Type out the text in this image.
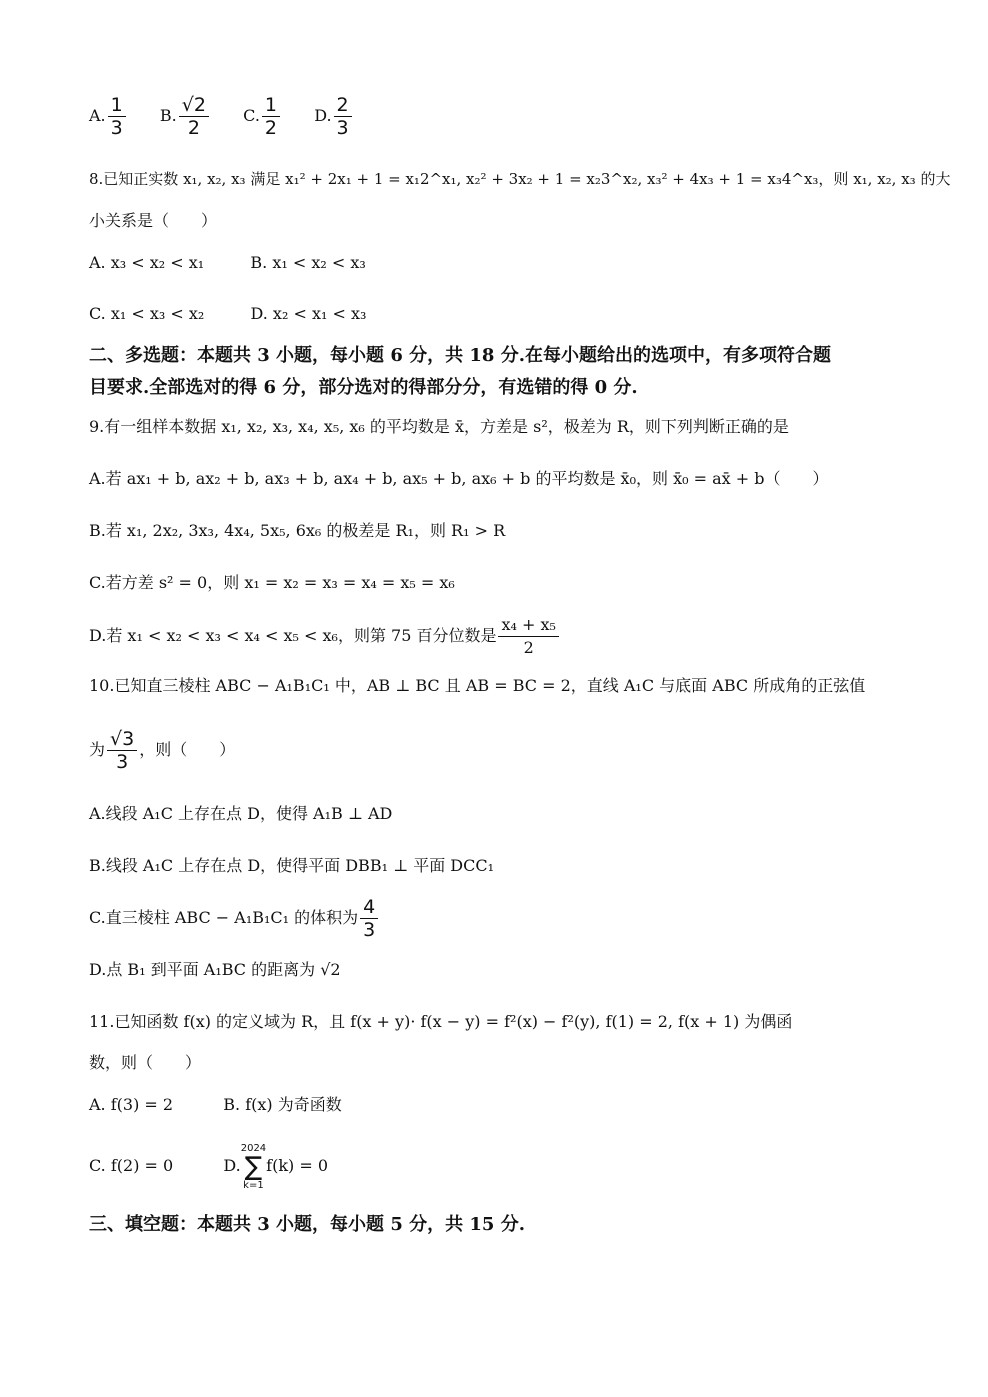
A. $\frac{1}{3} B$. $\frac{√2}{2} C$. $\frac{1}{2} D$. $\frac{2}{3}$
8.已知正实数 x₁, x₂, x₃ 满足 x₁² + 2x₁ + 1 = x₁2^x₁, x₂² + 3x₂ + 1 = x₂3^x₂, x₃² + 4x₃ + 1 = x₃4^x₃，则 x₁, x₂, x₃ 的大
小关系是（　　）
A. x₃ < x₂ < x₁	B. x₁ < x₂ < x₃
C. x₁ < x₃ < x₂	D. x₂ < x₁ < x₃
二、多选题：本题共 3 小题，每小题 6 分，共 18 分.在每小题给出的选项中，有多项符合题
目要求.全部选对的得 6 分，部分选对的得部分分，有选错的得 0 分.
9.有一组样本数据 x₁, x₂, x₃, x₄, x₅, x₆ 的平均数是 x̄，方差是 s²，极差为 R，则下列判断正确的是
A.若 ax₁ + b, ax₂ + b, ax₃ + b, ax₄ + b, ax₅ + b, ax₆ + b 的平均数是 x̄₀，则 x̄₀ = ax̄ + b（　　）
B.若 x₁, 2x₂, 3x₃, 4x₄, 5x₅, 6x₆ 的极差是 R₁，则 R₁ > R
C.若方差 s² = 0，则 x₁ = x₂ = x₃ = x₄ = x₅ = x₆
D.若 x₁ < x₂ < x₃ < x₄ < x₅ < x₆，则第 75 百分位数是 $\frac{\text{x₄ + x₅}}{2}$
10.已知直三棱柱 ABC − A₁B₁C₁ 中，AB ⊥ BC 且 AB = BC = 2，直线 A₁C 与底面 ABC 所成角的正弦值
为 $\frac{√3}{3}$ ，则（　　）
A.线段 A₁C 上存在点 D，使得 A₁B ⊥ AD
B.线段 A₁C 上存在点 D，使得平面 DBB₁ ⊥ 平面 DCC₁
C.直三棱柱 ABC − A₁B₁C₁ 的体积为 $\frac{4}{3}$
D.点 B₁ 到平面 A₁BC 的距离为 √2
11.已知函数 f(x) 的定义域为 R，且 f(x + y)· f(x − y) = f²(x) − f²(y), f(1) = 2, f(x + 1) 为偶函
数，则（　　）
A. f(3) = 2	B. f(x) 为奇函数
C. f(2) = 0	D.
2024
∑
k=1
f(k) = 0
三、填空题：本题共 3 小题，每小题 5 分，共 15 分.
